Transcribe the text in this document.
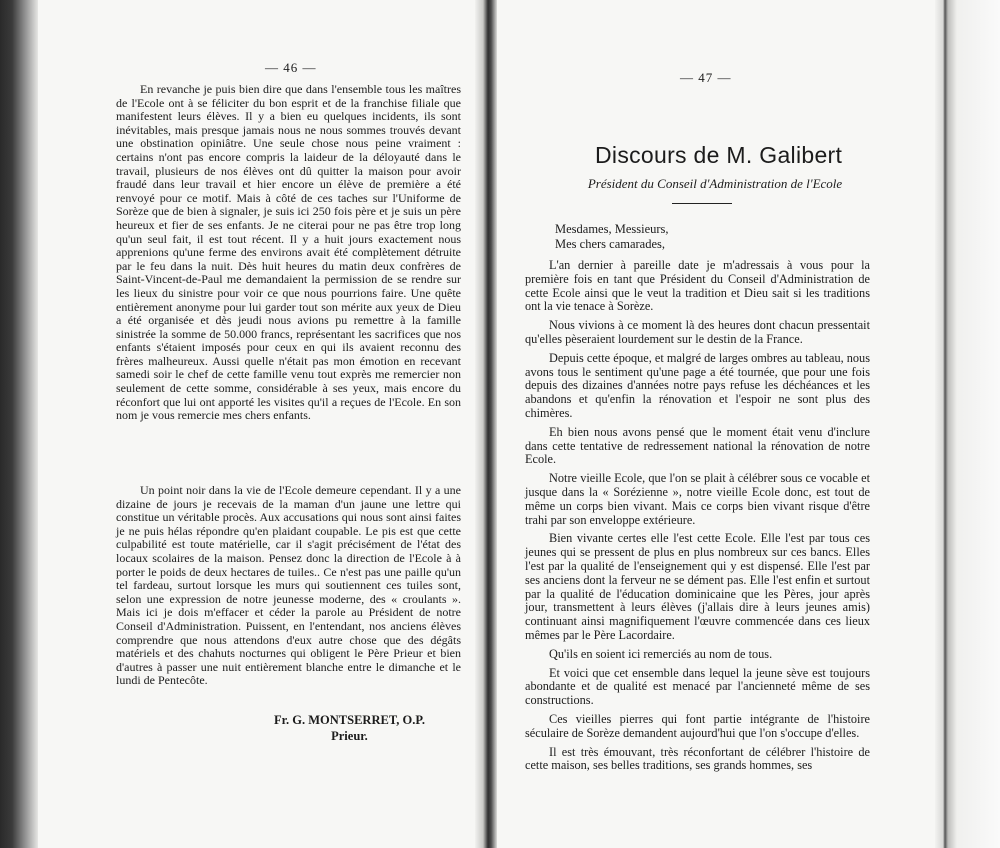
— 46 —

En revanche je puis bien dire que dans l'ensemble tous les maîtres de l'Ecole ont à se féliciter du bon esprit et de la franchise filiale que manifestent leurs élèves. Il y a bien eu quelques incidents, ils sont inévitables, mais presque jamais nous ne nous sommes trouvés devant une obstination opiniâtre. Une seule chose nous peine vraiment : certains n'ont pas encore compris la laideur de la déloyauté dans le travail, plusieurs de nos élèves ont dû quitter la maison pour avoir fraudé dans leur travail et hier encore un élève de première a été renvoyé pour ce motif. Mais à côté de ces taches sur l'Uniforme de Sorèze que de bien à signaler, je suis ici 250 fois père et je suis un père heureux et fier de ses enfants. Je ne citerai pour ne pas être trop long qu'un seul fait, il est tout récent. Il y a huit jours exactement nous apprenions qu'une ferme des environs avait été complètement détruite par le feu dans la nuit. Dès huit heures du matin deux confrères de Saint-Vincent-de-Paul me demandaient la permission de se rendre sur les lieux du sinistre pour voir ce que nous pourrions faire. Une quête entièrement anonyme pour lui garder tout son mérite aux yeux de Dieu a été organisée et dès jeudi nous avions pu remettre à la famille sinistrée la somme de 50.000 francs, représentant les sacrifices que nos enfants s'étaient imposés pour ceux en qui ils avaient reconnu des frères malheureux. Aussi quelle n'était pas mon émotion en recevant samedi soir le chef de cette famille venu tout exprès me remercier non seulement de cette somme, considérable à ses yeux, mais encore du réconfort que lui ont apporté les visites qu'il a reçues de l'Ecole. En son nom je vous remercie mes chers enfants.

Un point noir dans la vie de l'Ecole demeure cependant. Il y a une dizaine de jours je recevais de la maman d'un jaune une lettre qui constitue un véritable procès. Aux accusations qui nous sont ainsi faites je ne puis hélas répondre qu'en plaidant coupable. Le pis est que cette culpabilité est toute matérielle, car il s'agit précisément de l'état des locaux scolaires de la maison. Pensez donc la direction de l'Ecole à à porter le poids de deux hectares de tuiles.. Ce n'est pas une paille qu'un tel fardeau, surtout lorsque les murs qui soutiennent ces tuiles sont, selon une expression de notre jeunesse moderne, des « croulants ». Mais ici je dois m'effacer et céder la parole au Président de notre Conseil d'Administration. Puissent, en l'entendant, nos anciens élèves comprendre que nous attendons d'eux autre chose que des dégâts matériels et des chahuts nocturnes qui obligent le Père Prieur et bien d'autres à passer une nuit entièrement blanche entre le dimanche et le lundi de Pentecôte.

Fr. G. MONTSERRET, O.P.
Prieur.
— 47 —
Discours de M. Galibert
Président du Conseil d'Administration de l'Ecole
Mesdames, Messieurs,
Mes chers camarades,

L'an dernier à pareille date je m'adressais à vous pour la première fois en tant que Président du Conseil d'Administration de cette Ecole ainsi que le veut la tradition et Dieu sait si les traditions ont la vie tenace à Sorèze.

Nous vivions à ce moment là des heures dont chacun pressentait qu'elles pèseraient lourdement sur le destin de la France.

Depuis cette époque, et malgré de larges ombres au tableau, nous avons tous le sentiment qu'une page a été tournée, que pour une fois depuis des dizaines d'années notre pays refuse les déchéances et les abandons et qu'enfin la rénovation et l'espoir ne sont plus des chimères.

Eh bien nous avons pensé que le moment était venu d'inclure dans cette tentative de redressement national la rénovation de notre Ecole.

Notre vieille Ecole, que l'on se plait à célébrer sous ce vocable et jusque dans la « Sorézienne », notre vieille Ecole donc, est tout de même un corps bien vivant. Mais ce corps bien vivant risque d'être trahi par son enveloppe extérieure.

Bien vivante certes elle l'est cette Ecole. Elle l'est par tous ces jeunes qui se pressent de plus en plus nombreux sur ces bancs. Elles l'est par la qualité de l'enseignement qui y est dispensé. Elle l'est par ses anciens dont la ferveur ne se dément pas. Elle l'est enfin et surtout par la qualité de l'éducation dominicaine que les Pères, jour après jour, transmettent à leurs élèves (j'allais dire à leurs jeunes amis) continuant ainsi magnifiquement l'œuvre commencée dans ces lieux mêmes par le Père Lacordaire.

Qu'ils en soient ici remerciés au nom de tous.

Et voici que cet ensemble dans lequel la jeune sève est toujours abondante et de qualité est menacé par l'ancienneté même de ses constructions.

Ces vieilles pierres qui font partie intégrante de l'histoire séculaire de Sorèze demandent aujourd'hui que l'on s'occupe d'elles.

Il est très émouvant, très réconfortant de célébrer l'histoire de cette maison, ses belles traditions, ses grands hommes, ses
